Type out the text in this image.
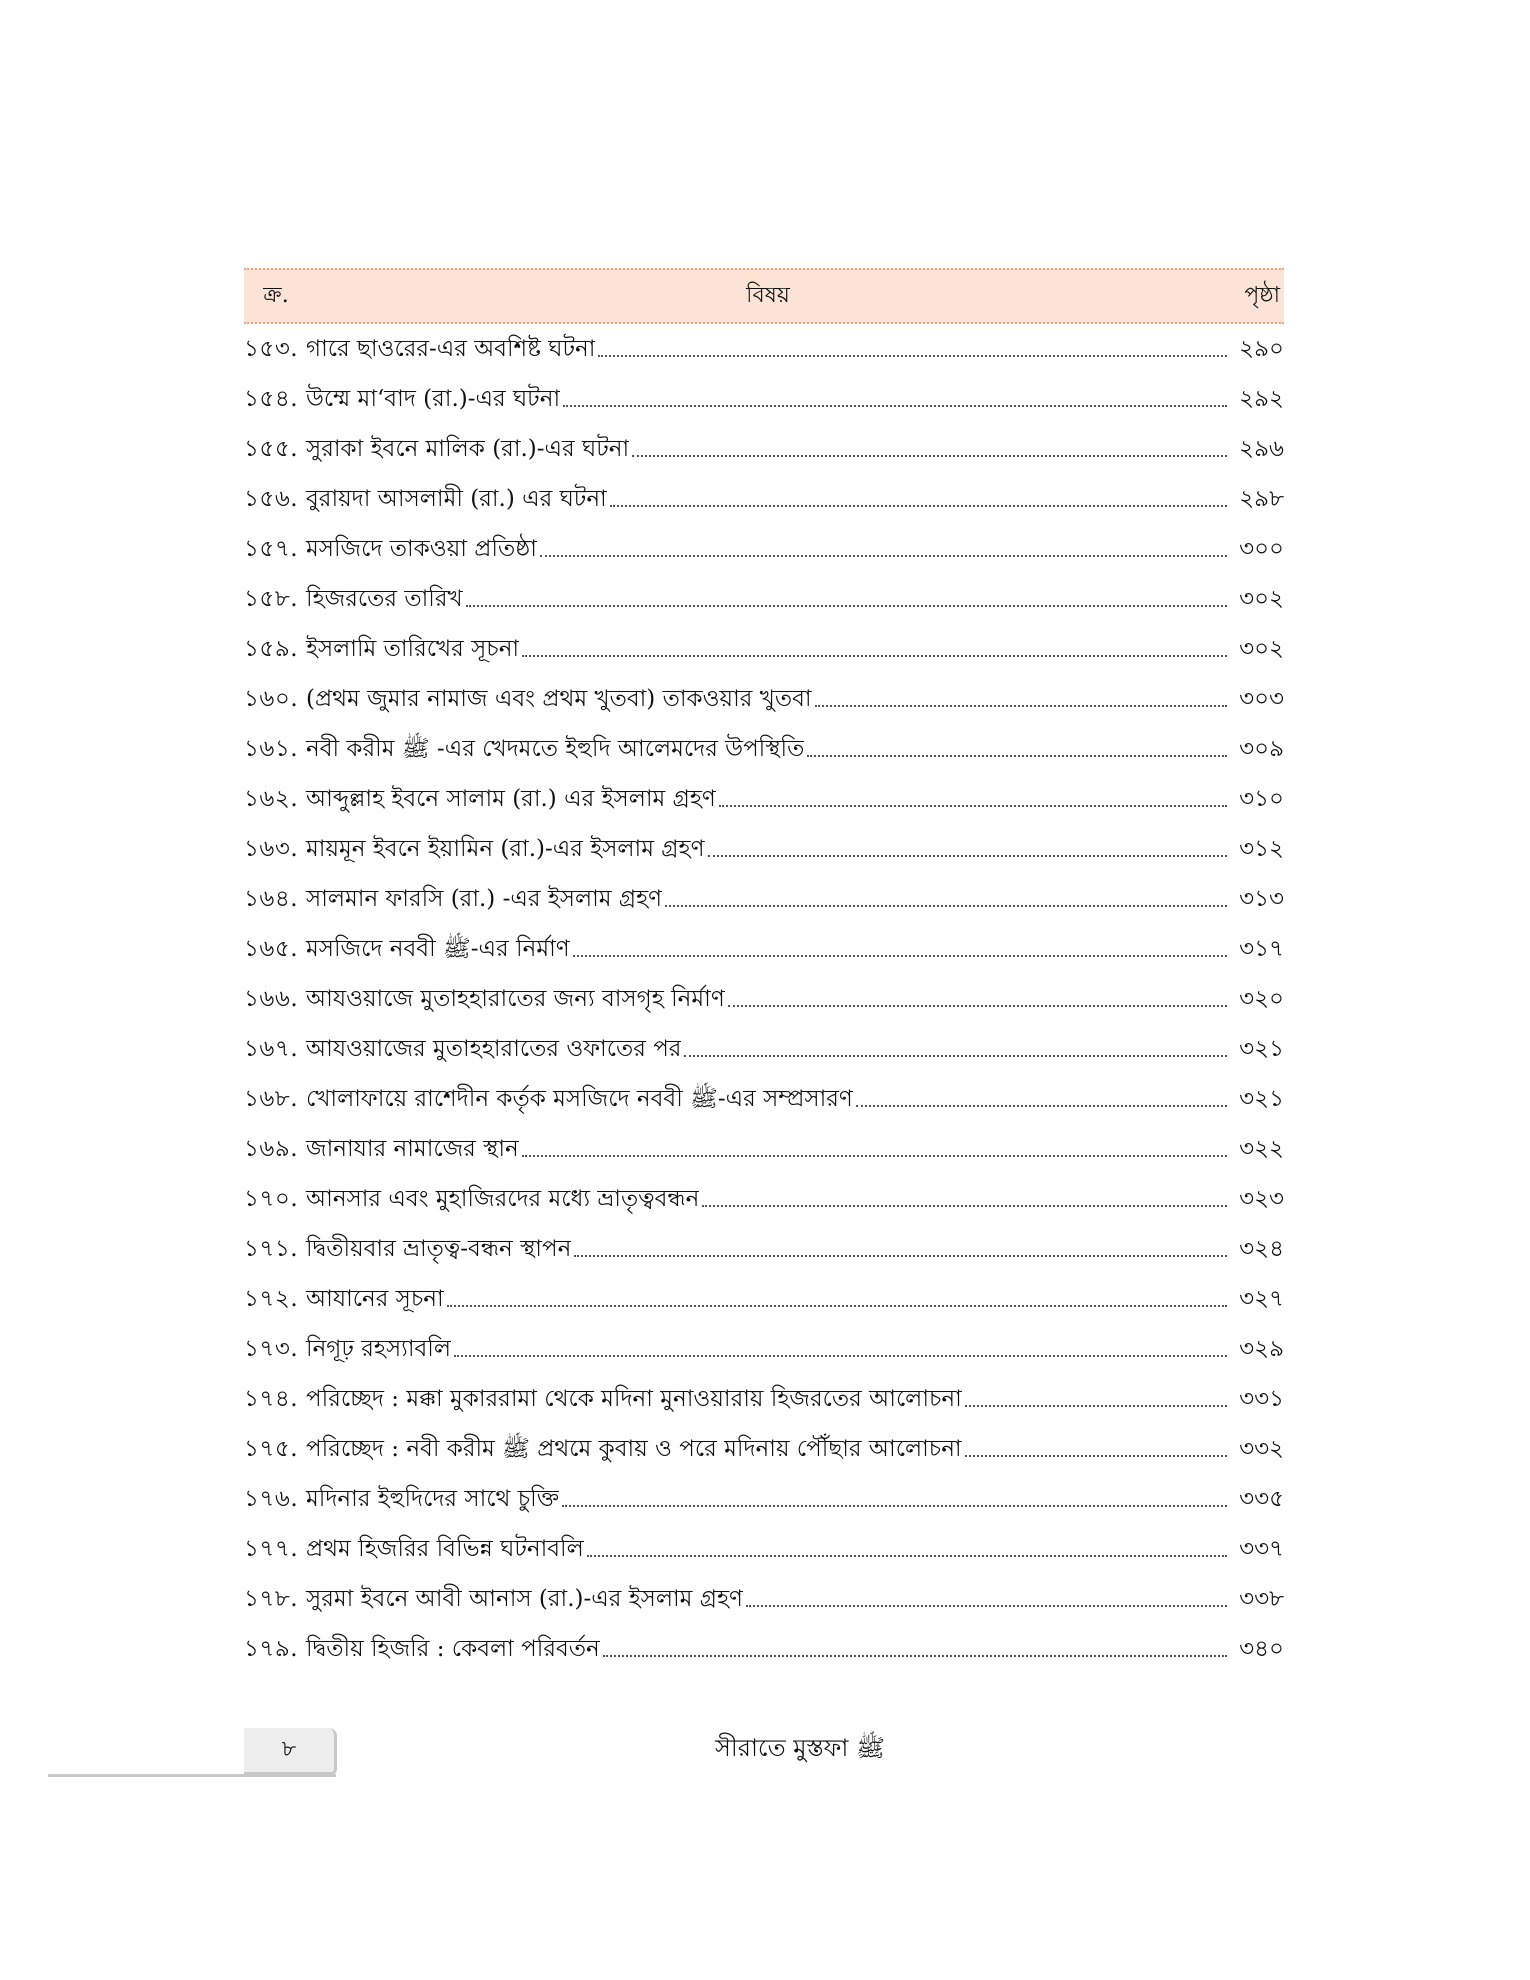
ক্র.	বিষয়	পৃষ্ঠা
১৫৩. গারে ছাওরের-এর অবশিষ্ট ঘটনা	২৯০
১৫৪. উম্মে মা‘বাদ (রা.)-এর ঘটনা	২৯২
১৫৫. সুরাকা ইবনে মালিক (রা.)-এর ঘটনা	২৯৬
১৫৬. বুরায়দা আসলামী (রা.) এর ঘটনা	২৯৮
১৫৭. মসজিদে তাকওয়া প্রতিষ্ঠা	৩০০
১৫৮. হিজরতের তারিখ	৩০২
১৫৯. ইসলামি তারিখের সূচনা	৩০২
১৬০. (প্রথম জুমার নামাজ এবং প্রথম খুতবা) তাকওয়ার খুতবা	৩০৩
১৬১. নবী করীম ﷺ -এর খেদমতে ইহুদি আলেমদের উপস্থিতি	৩০৯
১৬২. আব্দুল্লাহ ইবনে সালাম (রা.) এর ইসলাম গ্রহণ	৩১০
১৬৩. মায়মূন ইবনে ইয়ামিন (রা.)-এর ইসলাম গ্রহণ	৩১২
১৬৪. সালমান ফারসি (রা.) -এর ইসলাম গ্রহণ	৩১৩
১৬৫. মসজিদে নববী ﷺ-এর নির্মাণ	৩১৭
১৬৬. আযওয়াজে মুতাহহারাতের জন্য বাসগৃহ নির্মাণ	৩২০
১৬৭. আযওয়াজের মুতাহহারাতের ওফাতের পর	৩২১
১৬৮. খোলাফায়ে রাশেদীন কর্তৃক মসজিদে নববী ﷺ-এর সম্প্রসারণ	৩২১
১৬৯. জানাযার নামাজের স্থান	৩২২
১৭০. আনসার এবং মুহাজিরদের মধ্যে ভ্রাতৃত্ববন্ধন	৩২৩
১৭১. দ্বিতীয়বার ভ্রাতৃত্ব-বন্ধন স্থাপন	৩২৪
১৭২. আযানের সূচনা	৩২৭
১৭৩. নিগূঢ় রহস্যাবলি	৩২৯
১৭৪. পরিচ্ছেদ : মক্কা মুকাররামা থেকে মদিনা মুনাওয়ারায় হিজরতের আলোচনা	৩৩১
১৭৫. পরিচ্ছেদ : নবী করীম ﷺ প্রথমে কুবায় ও পরে মদিনায় পৌঁছার আলোচনা	৩৩২
১৭৬. মদিনার ইহুদিদের সাথে চুক্তি	৩৩৫
১৭৭. প্রথম হিজরির বিভিন্ন ঘটনাবলি	৩৩৭
১৭৮. সুরমা ইবনে আবী আনাস (রা.)-এর ইসলাম গ্রহণ	৩৩৮
১৭৯. দ্বিতীয় হিজরি : কেবলা পরিবর্তন	৩৪০
৮	সীরাতে মুস্তফা ﷺ
